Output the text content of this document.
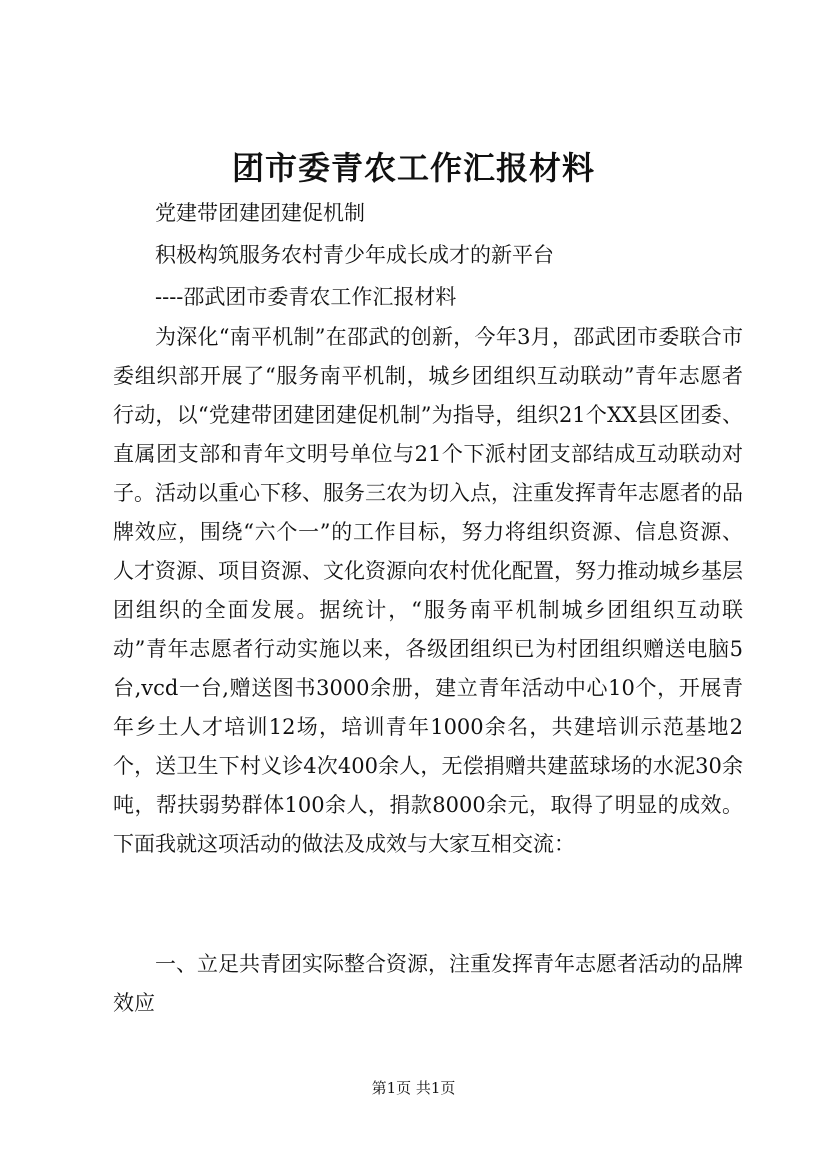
团市委青农工作汇报材料
党建带团建团建促机制
积极构筑服务农村青少年成长成才的新平台
----邵武团市委青农工作汇报材料

为深化“南平机制”在邵武的创新，今年3月，邵武团市委联合市委组织部开展了“服务南平机制，城乡团组织互动联动”青年志愿者行动，以“党建带团建团建促机制”为指导，组织21个XX县区团委、直属团支部和青年文明号单位与21个下派村团支部结成互动联动对子。活动以重心下移、服务三农为切入点，注重发挥青年志愿者的品牌效应，围绕“六个一”的工作目标，努力将组织资源、信息资源、人才资源、项目资源、文化资源向农村优化配置，努力推动城乡基层团组织的全面发展。据统计，“服务南平机制城乡团组织互动联动”青年志愿者行动实施以来，各级团组织已为村团组织赠送电脑5台,vcd一台,赠送图书3000余册，建立青年活动中心10个，开展青年乡土人才培训12场，培训青年1000余名，共建培训示范基地2个，送卫生下村义诊4次400余人，无偿捐赠共建蓝球场的水泥30余吨，帮扶弱势群体100余人，捐款8000余元，取得了明显的成效。下面我就这项活动的做法及成效与大家互相交流：

一、立足共青团实际整合资源，注重发挥青年志愿者活动的品牌效应

第1页 共1页
